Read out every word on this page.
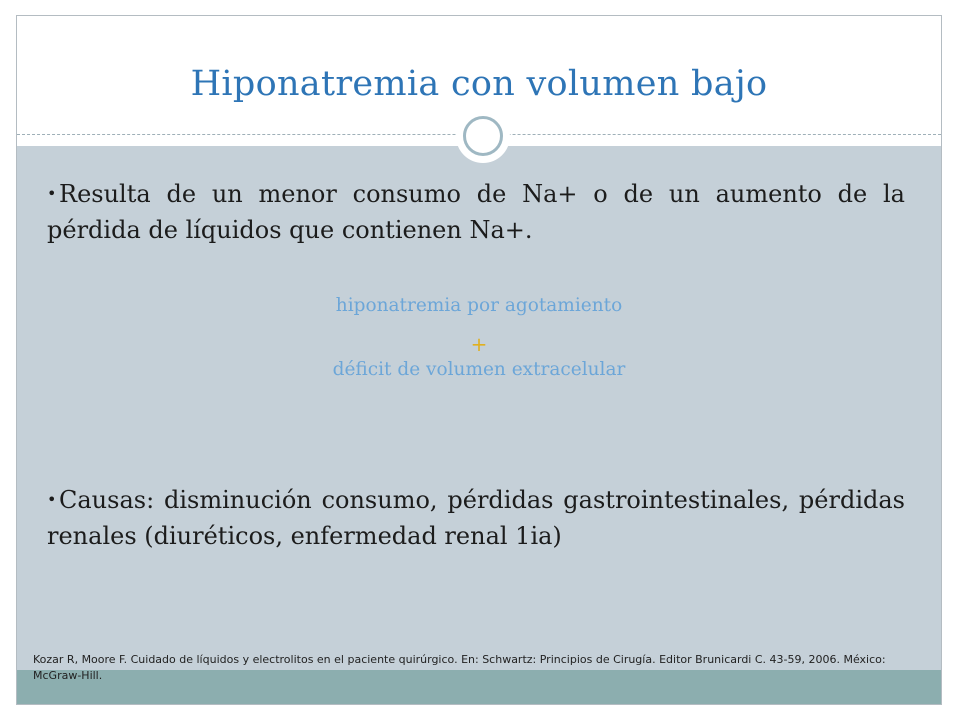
Hiponatremia con volumen bajo

• Resulta de un menor consumo de Na+ o de un aumento de la pérdida de líquidos que contienen Na+.

hiponatremia por agotamiento

+

déficit de volumen extracelular

• Causas: disminución consumo, pérdidas gastrointestinales, pérdidas renales (diuréticos, enfermedad renal 1ia)

Kozar R, Moore F. Cuidado de líquidos y electrolitos en el paciente quirúrgico. En: Schwartz: Principios de Cirugía. Editor Brunicardi C. 43-59, 2006. México: McGraw-Hill.
